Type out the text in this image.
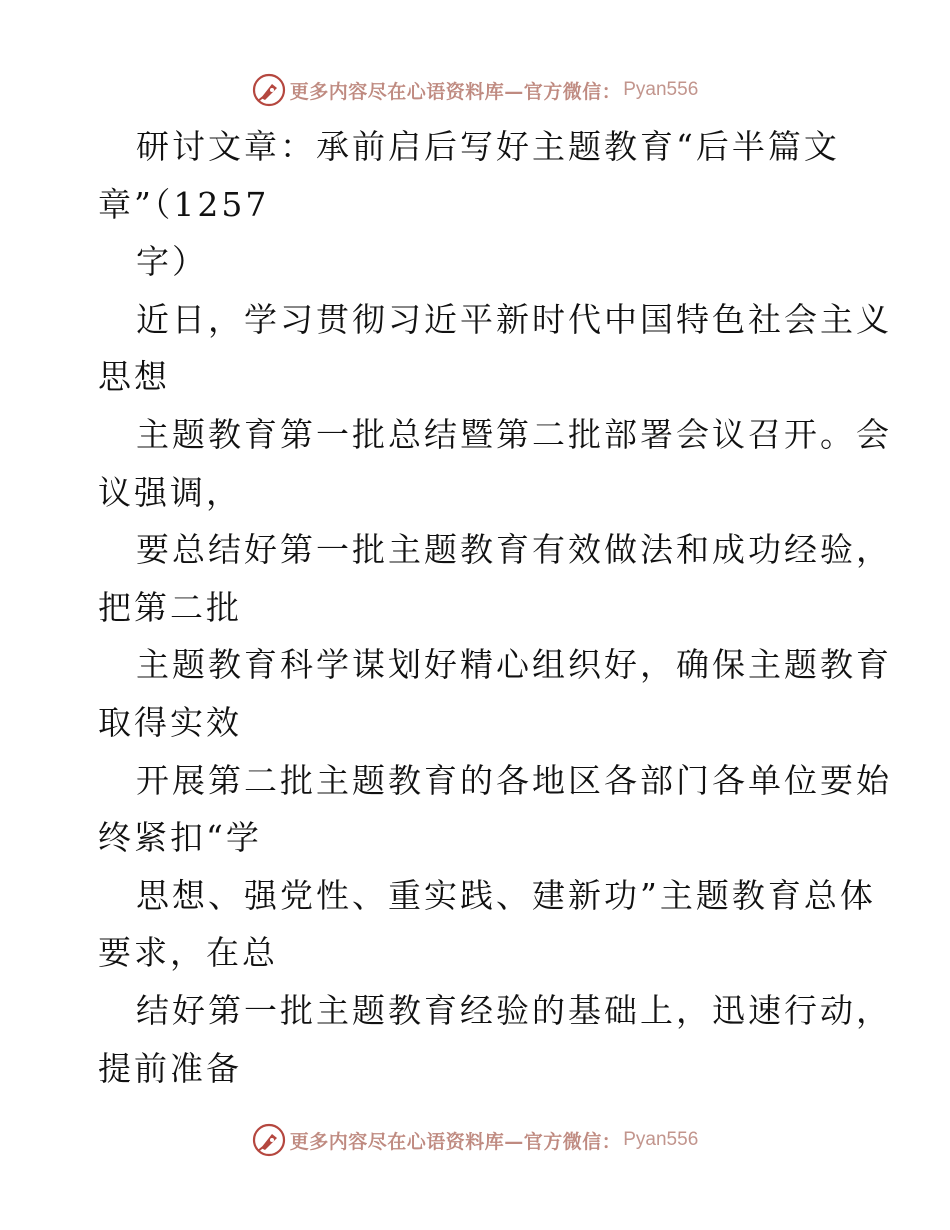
更多内容尽在心语资料库—官方微信： Pyan556
研讨文章：承前启后写好主题教育“后半篇文
章”（1257
字）
近日，学习贯彻习近平新时代中国特色社会主义
思想
主题教育第一批总结暨第二批部署会议召开。会
议强调，
要总结好第一批主题教育有效做法和成功经验，
把第二批
主题教育科学谋划好精心组织好，确保主题教育
取得实效
开展第二批主题教育的各地区各部门各单位要始
终紧扣“学
思想、强党性、重实践、建新功”主题教育总体
要求，在总
结好第一批主题教育经验的基础上，迅速行动，
提前准备
更多内容尽在心语资料库—官方微信： Pyan556
